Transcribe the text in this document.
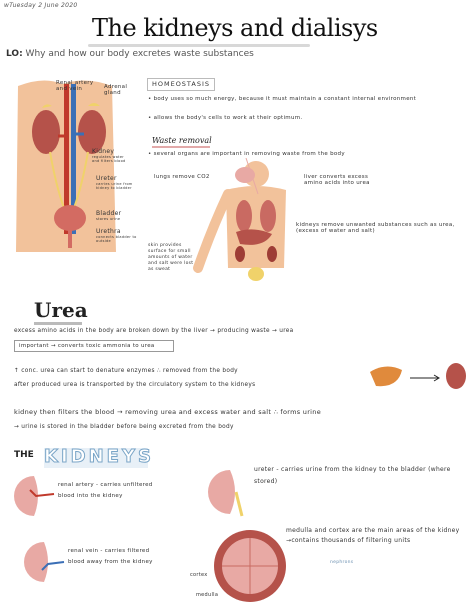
wTuesday 2 June 2020
The kidneys and dialisys
LO: Why and how our body excretes waste substances
Renal artery and vein	Adrenal gland
Kidney
regulates water and filters blood
Ureter
carries urine from kidney to bladder
Bladder
stores urine
Urethra
connects bladder to outside
HOMEOSTASIS
• body uses so much energy, because it must maintain a constant internal environment
• allows the body's cells to work at their optimum.
Waste removal
• several organs are important in removing waste from the body
lungs remove CO2	liver converts excess amino acids into urea
kidneys remove unwanted substances such as urea, (excess of water and salt)
skin provides surface for small amounts of water and salt were lost as sweat
Urea
excess amino acids in the body are broken down by the liver → producing waste → urea
important → converts toxic ammonia to urea
↑ conc. urea can start to denature enzymes ∴ removed from the body
after produced urea is transported by the circulatory system to the kidneys
kidney then filters the blood → removing urea and excess water and salt ∴ forms urine
→ urine is stored in the bladder before being excreted from the body
THE KIDNEYS
renal artery - carries unfiltered blood into the kidney
renal vein - carries filtered blood away from the kidney
ureter - carries urine from the kidney to the bladder (where stored)
medulla and cortex are the main areas of the kidney →contains thousands of filtering units
nephrons
cortex
medulla
